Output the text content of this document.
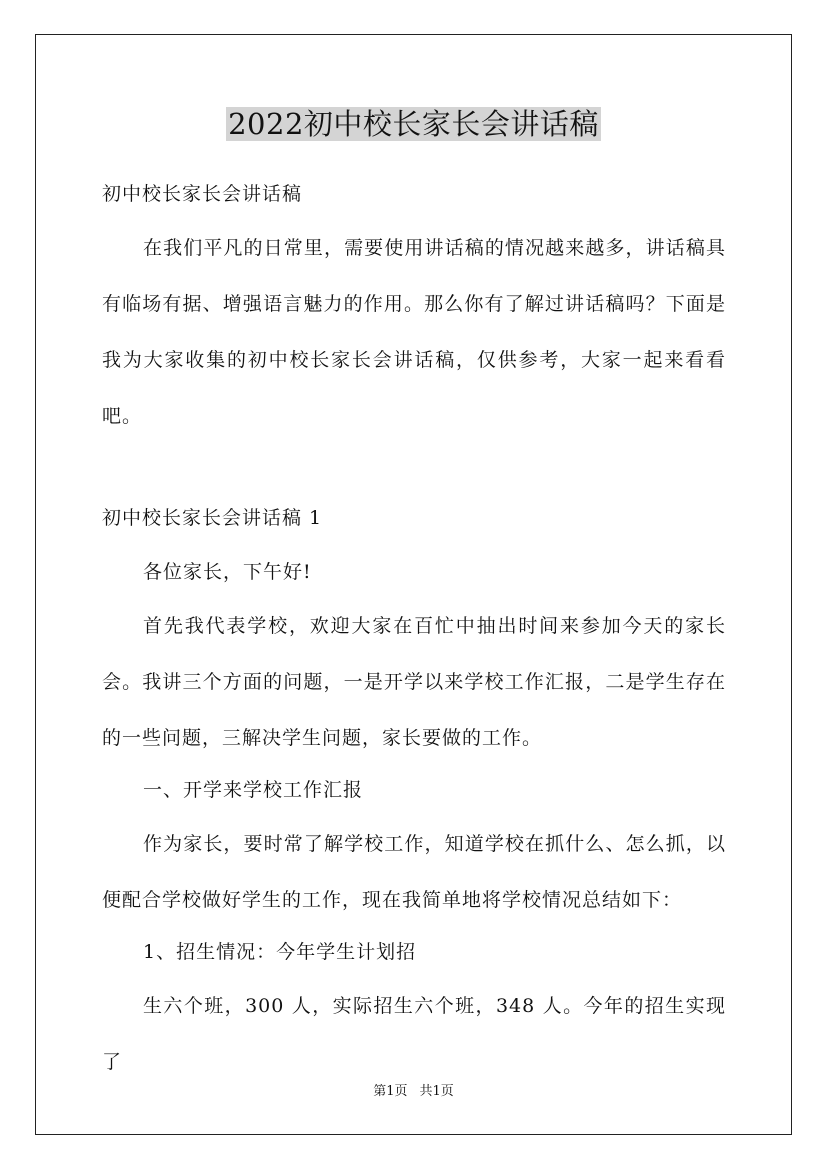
2022初中校长家长会讲话稿

初中校长家长会讲话稿

在我们平凡的日常里，需要使用讲话稿的情况越来越多，讲话稿具有临场有据、增强语言魅力的作用。那么你有了解过讲话稿吗？下面是我为大家收集的初中校长家长会讲话稿，仅供参考，大家一起来看看吧。

初中校长家长会讲话稿 1

各位家长，下午好!

首先我代表学校，欢迎大家在百忙中抽出时间来参加今天的家长会。我讲三个方面的问题，一是开学以来学校工作汇报，二是学生存在的一些问题，三解决学生问题，家长要做的工作。

一、开学来学校工作汇报

作为家长，要时常了解学校工作，知道学校在抓什么、怎么抓，以便配合学校做好学生的工作，现在我简单地将学校情况总结如下：

1、招生情况：今年学生计划招

生六个班，300 人，实际招生六个班，348 人。今年的招生实现了

第1页 共1页
